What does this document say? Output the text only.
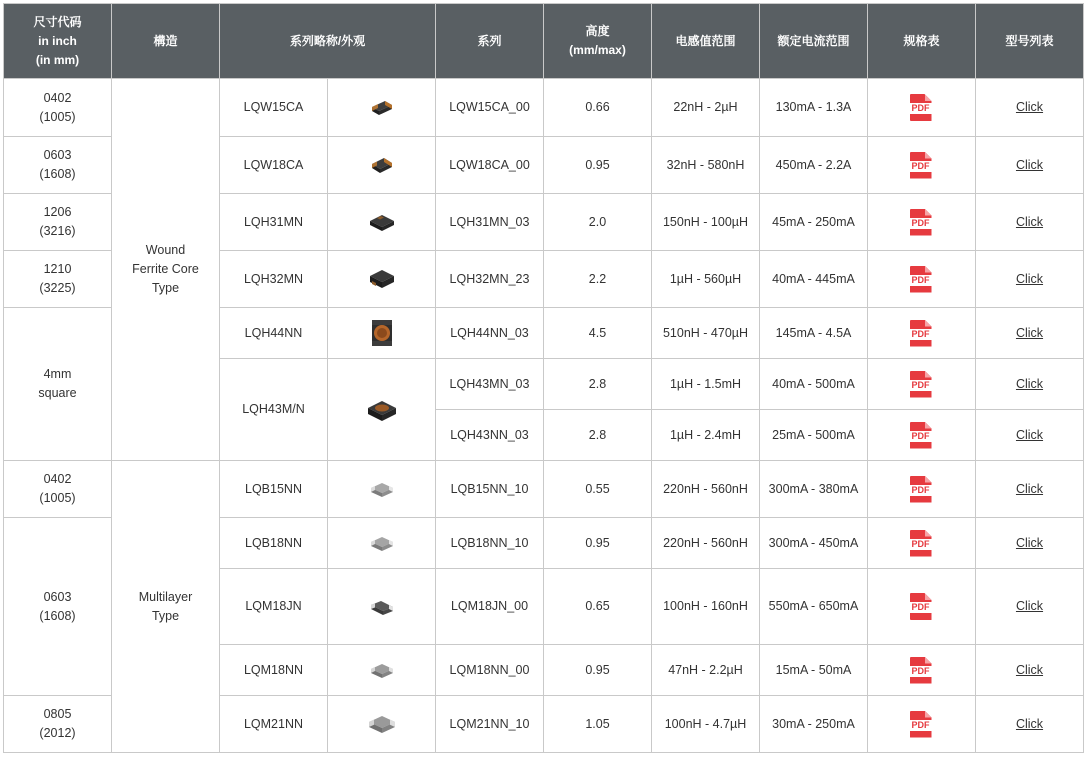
尺寸代码
in inch
(in mm)	構造	系列略称/外观		系列	高度
(mm/max)	电感值范围	额定电流范围	规格表	型号列表
0402
(1005)	Wound
Ferrite Core
Type	LQW15CA		LQW15CA_00	0.66	22nH - 2µH	130mA - 1.3A	PDF	Click
0603
(1608)		LQW18CA		LQW18CA_00	0.95	32nH - 580nH	450mA - 2.2A	PDF	Click
1206
(3216)		LQH31MN		LQH31MN_03	2.0	150nH - 100µH	45mA - 250mA	PDF	Click
1210
(3225)		LQH32MN		LQH32MN_23	2.2	1µH - 560µH	40mA - 445mA	PDF	Click
4mm
square		LQH44NN		LQH44NN_03	4.5	510nH - 470µH	145mA - 4.5A	PDF	Click
		LQH43M/N		LQH43MN_03	2.8	1µH - 1.5mH	40mA - 500mA	PDF	Click
				LQH43NN_03	2.8	1µH - 2.4mH	25mA - 500mA	PDF	Click
0402
(1005)	Multilayer
Type	LQB15NN		LQB15NN_10	0.55	220nH - 560nH	300mA - 380mA	PDF	Click
0603
(1608)		LQB18NN		LQB18NN_10	0.95	220nH - 560nH	300mA - 450mA	PDF	Click
		LQM18JN		LQM18JN_00	0.65	100nH - 160nH	550mA - 650mA	PDF	Click
		LQM18NN		LQM18NN_00	0.95	47nH - 2.2µH	15mA - 50mA	PDF	Click
0805
(2012)		LQM21NN		LQM21NN_10	1.05	100nH - 4.7µH	30mA - 250mA	PDF	Click
